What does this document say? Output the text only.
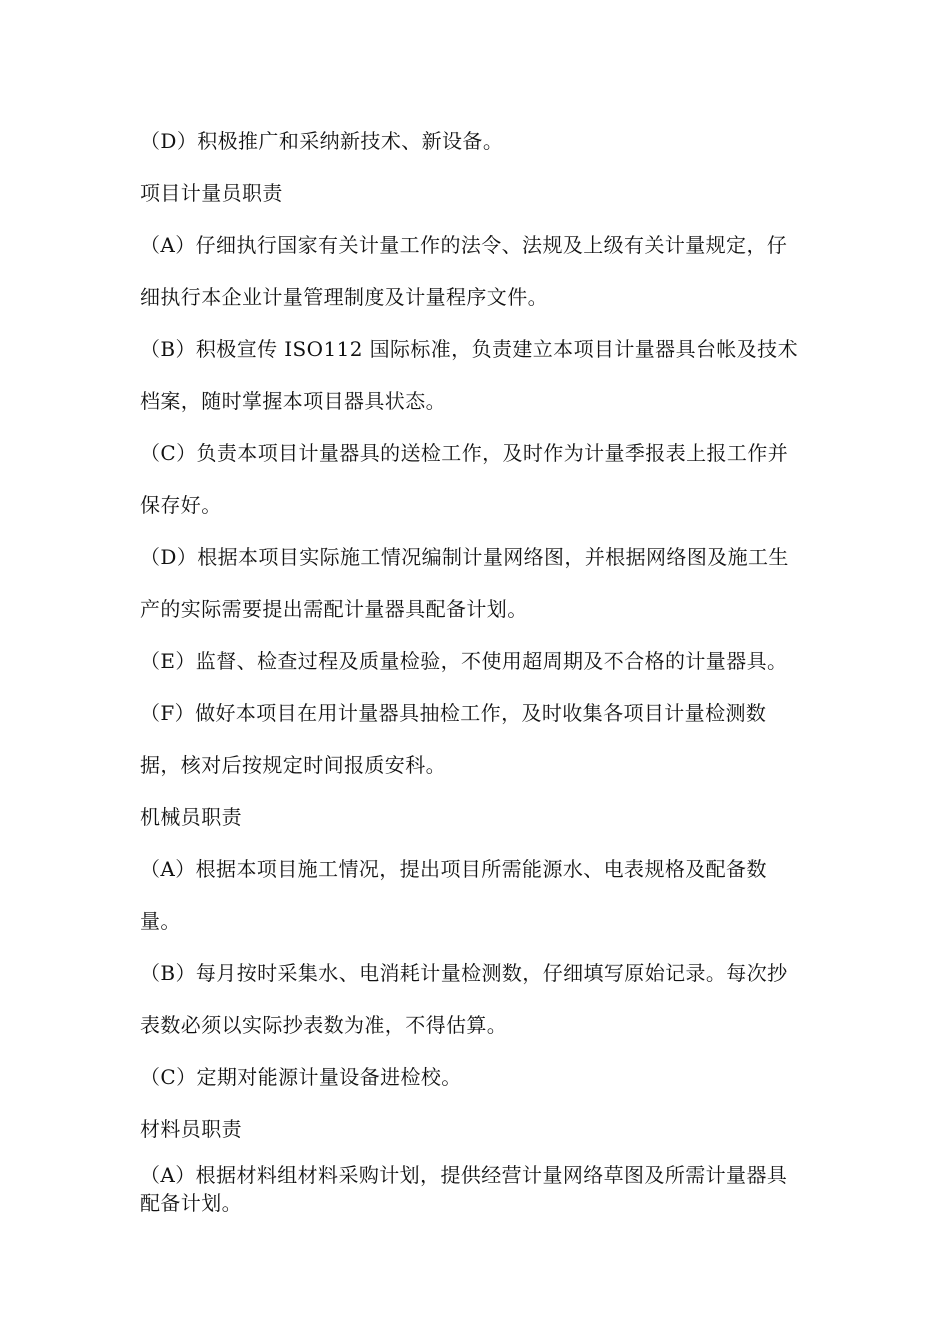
（D）积极推广和采纳新技术、新设备。
项目计量员职责
（A）仔细执行国家有关计量工作的法令、法规及上级有关计量规定，仔
细执行本企业计量管理制度及计量程序文件。
（B）积极宣传 ISO112 国际标准，负责建立本项目计量器具台帐及技术
档案，随时掌握本项目器具状态。
（C）负责本项目计量器具的送检工作，及时作为计量季报表上报工作并
保存好。
（D）根据本项目实际施工情况编制计量网络图，并根据网络图及施工生
产的实际需要提出需配计量器具配备计划。
（E）监督、检查过程及质量检验，不使用超周期及不合格的计量器具。
（F）做好本项目在用计量器具抽检工作，及时收集各项目计量检测数
据，核对后按规定时间报质安科。
机械员职责
（A）根据本项目施工情况，提出项目所需能源水、电表规格及配备数
量。
（B）每月按时采集水、电消耗计量检测数，仔细填写原始记录。每次抄
表数必须以实际抄表数为准，不得估算。
（C）定期对能源计量设备进检校。
材料员职责
（A）根据材料组材料采购计划，提供经营计量网络草图及所需计量器具
配备计划。
